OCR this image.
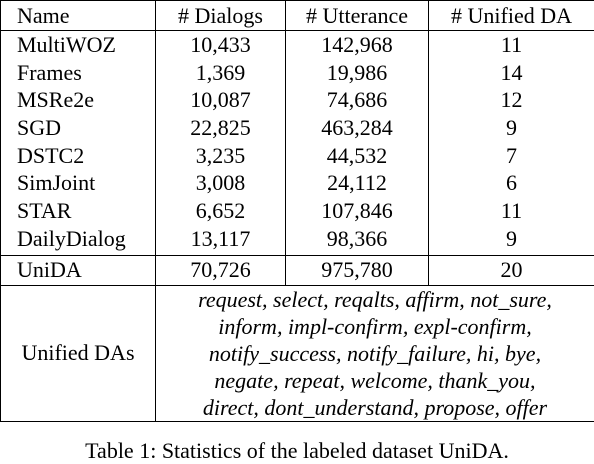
Name	# Dialogs	# Utterance	# Unified DA
MultiWOZ	10,433	142,968	11
Frames	1,369	19,986	14
MSRe2e	10,087	74,686	12
SGD	22,825	463,284	9
DSTC2	3,235	44,532	7
SimJoint	3,008	24,112	6
STAR	6,652	107,846	11
DailyDialog	13,117	98,366	9
UniDA	70,726	975,780	20
Unified DAs	request, select, reqalts, affirm, not_sure,
inform, impl-confirm, expl-confirm,
notify_success, notify_failure, hi, bye,
negate, repeat, welcome, thank_you,
direct, dont_understand, propose, offer		
Table 1: Statistics of the labeled dataset UniDA.
